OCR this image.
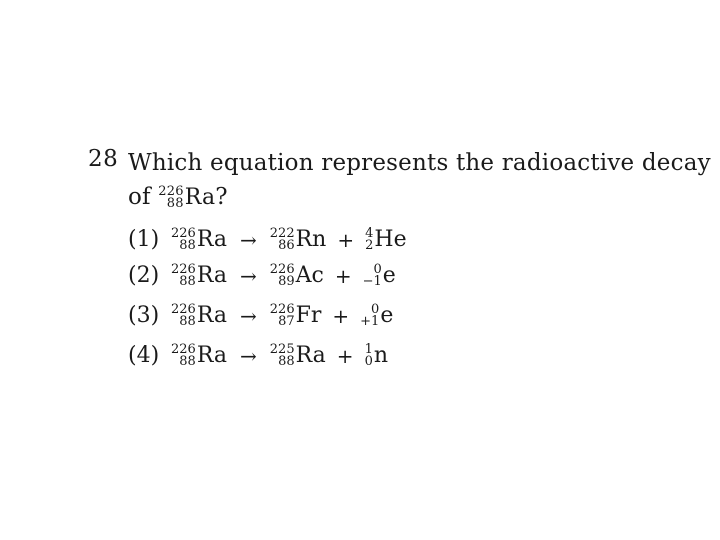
28 Which equation represents the radioactive decay
of 226
88 Ra ?
(1) 226
88 Ra → 222
86 Rn + 4
2 He
(2) 226
88 Ra → 226
89 Ac + 0
−1 e
(3) 226
88 Ra → 226
87 Fr + 0
+1 e
(4) 226
88 Ra → 225
88 Ra + 1
0 n
